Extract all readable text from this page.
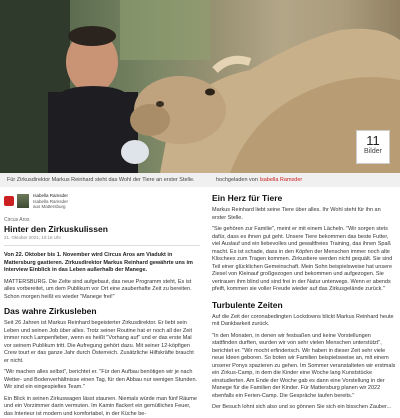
11
Bilder
Für Zirkusdirektor Markus Reinhard steht das Wohl der Tiere an erster Stelle.	hochgeladen von Isabella Ramsder
Isabella Ramsder
Isabella Ramsder
aus Mattersburg
Circus Aros
Hinter den Zirkuskulissen
21. Oktober 2021, 10:16 Uhr

Von 22. Oktober bis 1. November wird Circus Aros am Viadukt in Mattersburg gastieren. Zirkusdirektor Markus Reinhard gewährte uns im Interview Einblick in das Leben außerhalb der Manege.

MATTERSBURG. Die Zelte sind aufgebaut, das neue Programm steht, Es ist alles vorbereitet, um dem Publikum vor Ort eine zauberhafte Zeit zu bereiten. Schon morgen heißt es wieder "Manege frei!"

Das wahre Zirkusleben

Seit 26 Jahren ist Markus Reinhard begeisterter Zirkusdirektor. Er liebt sein Leben und seinen Job über alles. Trotz seiner Routine hat er noch all der Zeit immer noch Lampenfieber, wenn es heißt "Vorhang auf" und er das erste Mal vor seinem Publikum tritt. Die Aufregung gehört dazu. Mit seiner 12-köpfigen Crew tourt er das ganze Jahr durch Österreich. Zusätzliche Hilfskräfte braucht er nicht.

"Wir machen alles selbst", berichtet er. "Für den Aufbau benötigen wir je nach Wetter- und Bodenverhältnisse einen Tag, für den Abbau nur wenigen Stunden. Wir sind ein eingespieltes Team."

Ein Blick in seinen Zirkuswagen lässt staunen. Niemals würde man fünf Räume und ein Vorzimmer darin vermuten. Im Kamin flackert ein gemütliches Feuer, das Interieur ist modern und komfortabel, in der Küche be-

Ein Herz für Tiere

Markus Reinhard liebt seine Tiere über alles. Ihr Wohl steht für ihn an erster Stelle.

"Sie gehören zur Familie", meint er mit einem Lächeln. "Wir sorgen stets dafür, dass es ihnen gut geht. Unsere Tiere bekommen das beste Futter, viel Auslauf und ein liebevolles und gewaltfreies Training, das ihnen Spaß macht. Es ist schade, dass in den Köpfen der Menschen immer noch alte Klischees zum Tragen kommen. Zirkustiere werden nicht gequält. Sie sind Teil einer glücklichen Gemeinschaft. Mein Sohn beispielsweise hat unsere Ziesel von Kleinauf großgezogen und bekommen und aufgezogen. Sie vertrauen ihm blind und sind frei in der Natur unterwegs. Wenn er abends pfeift, kommen sie voller Freude wieder auf das Zirkusgelände zurück."

Turbulente Zeiten

Auf die Zeit der coronabedingten Lockdowns blickt Markus Reinhard heute mit Dankbarkeit zurück.

"In den Monaten, in denen wir festsaßen und keine Vorstellungen stattfinden durften, wurden wir von sehr vielen Menschen unterstützt", berichtet er. "Wir mocht erfinderisch. Wir haben in dieser Zeit sehr viele neue Ideen geboren. So boten wir Familien beispielsweise an, mit einem unserer Ponys spazieren zu gehen. Im Sommer veranstalteten wir erstmals ein Zirkus-Camp, in dem die Kinder eine Woche lang Kunststücke einstudierten. Am Ende der Woche gab es dann eine Vorstellung in der Manege für die Familien der Kinder. Für Mattersburg planen wir 2022 ebenfalls ein Ferien-Camp. Die Gespräche laufen bereits."

Der Besuch lohnt sich also und so gönnen Sie sich ein bisschen Zauber...
